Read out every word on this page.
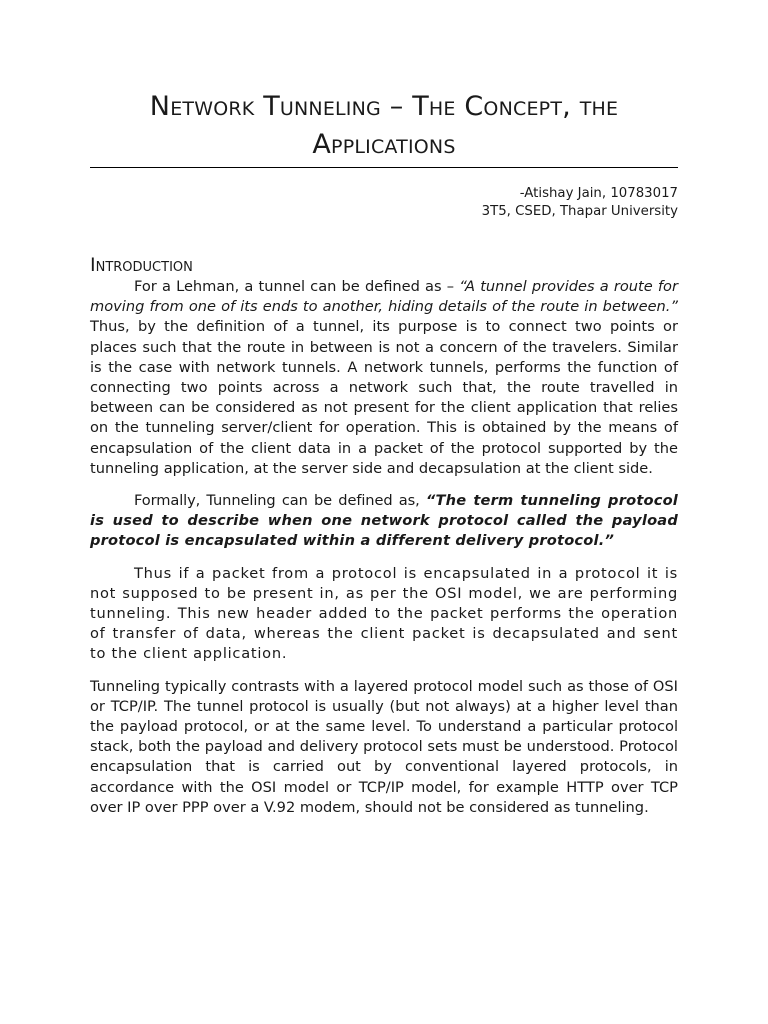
Network Tunneling – The Concept, the Applications
-Atishay Jain, 10783017
3T5, CSED, Thapar University
Introduction

For a Lehman, a tunnel can be defined as – “A tunnel provides a route for moving from one of its ends to another, hiding details of the route in between.” Thus, by the definition of a tunnel, its purpose is to connect two points or places such that the route in between is not a concern of the travelers. Similar is the case with network tunnels. A network tunnels, performs the function of connecting two points across a network such that, the route travelled in between can be considered as not present for the client application that relies on the tunneling server/client for operation. This is obtained by the means of encapsulation of the client data in a packet of the protocol supported by the tunneling application, at the server side and decapsulation at the client side.

Formally, Tunneling can be defined as, “The term tunneling protocol is used to describe when one network protocol called the payload protocol is encapsulated within a different delivery protocol.”

Thus if a packet from a protocol is encapsulated in a protocol it is not supposed to be present in, as per the OSI model, we are performing tunneling. This new header added to the packet performs the operation of transfer of data, whereas the client packet is decapsulated and sent to the client application.

Tunneling typically contrasts with a layered protocol model such as those of OSI or TCP/IP. The tunnel protocol is usually (but not always) at a higher level than the payload protocol, or at the same level. To understand a particular protocol stack, both the payload and delivery protocol sets must be understood. Protocol encapsulation that is carried out by conventional layered protocols, in accordance with the OSI model or TCP/IP model, for example HTTP over TCP over IP over PPP over a V.92 modem, should not be considered as tunneling.
